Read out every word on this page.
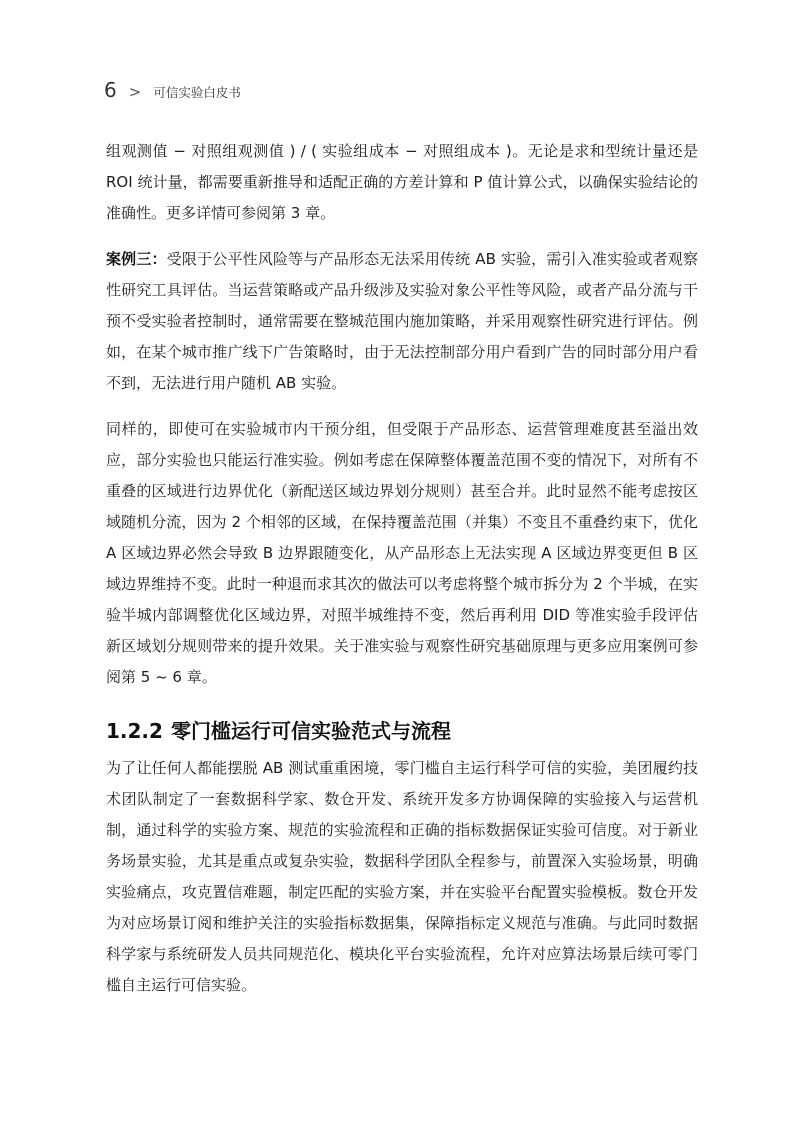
6 > 可信实验白皮书

组观测值 − 对照组观测值 ) / ( 实验组成本 − 对照组成本 )。无论是求和型统计量还是 ROI 统计量，都需要重新推导和适配正确的方差计算和 P 值计算公式，以确保实验结论的准确性。更多详情可参阅第 3 章。

案例三：受限于公平性风险等与产品形态无法采用传统 AB 实验，需引入准实验或者观察性研究工具评估。当运营策略或产品升级涉及实验对象公平性等风险，或者产品分流与干预不受实验者控制时，通常需要在整城范围内施加策略，并采用观察性研究进行评估。例如，在某个城市推广线下广告策略时，由于无法控制部分用户看到广告的同时部分用户看不到，无法进行用户随机 AB 实验。

同样的，即使可在实验城市内干预分组，但受限于产品形态、运营管理难度甚至溢出效应，部分实验也只能运行准实验。例如考虑在保障整体覆盖范围不变的情况下，对所有不重叠的区域进行边界优化（新配送区域边界划分规则）甚至合并。此时显然不能考虑按区域随机分流，因为 2 个相邻的区域，在保持覆盖范围（并集）不变且不重叠约束下，优化 A 区域边界必然会导致 B 边界跟随变化，从产品形态上无法实现 A 区域边界变更但 B 区域边界维持不变。此时一种退而求其次的做法可以考虑将整个城市拆分为 2 个半城，在实验半城内部调整优化区域边界，对照半城维持不变，然后再利用 DID 等准实验手段评估新区域划分规则带来的提升效果。关于准实验与观察性研究基础原理与更多应用案例可参阅第 5 ~ 6 章。

1.2.2 零门槛运行可信实验范式与流程

为了让任何人都能摆脱 AB 测试重重困境，零门槛自主运行科学可信的实验，美团履约技术团队制定了一套数据科学家、数仓开发、系统开发多方协调保障的实验接入与运营机制，通过科学的实验方案、规范的实验流程和正确的指标数据保证实验可信度。对于新业务场景实验，尤其是重点或复杂实验，数据科学团队全程参与，前置深入实验场景，明确实验痛点，攻克置信难题，制定匹配的实验方案，并在实验平台配置实验模板。数仓开发为对应场景订阅和维护关注的实验指标数据集，保障指标定义规范与准确。与此同时数据科学家与系统研发人员共同规范化、模块化平台实验流程，允许对应算法场景后续可零门槛自主运行可信实验。
